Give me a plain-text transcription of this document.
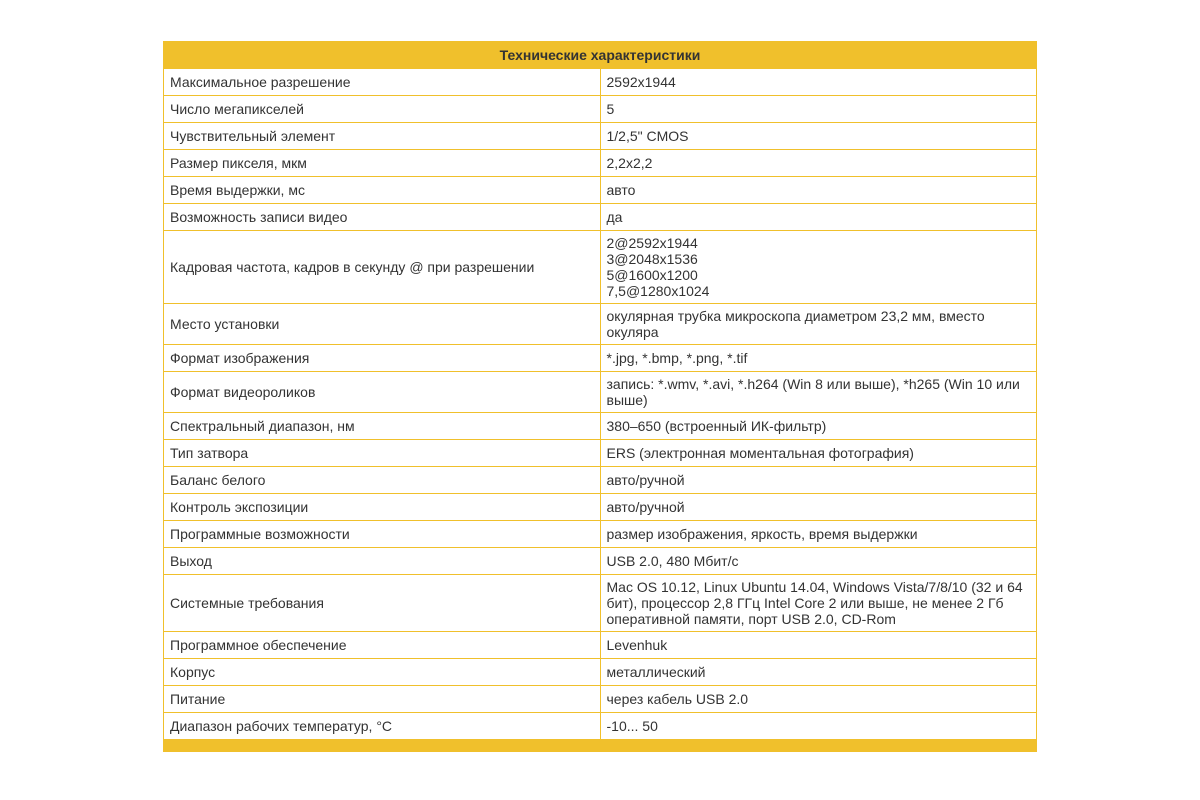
Технические характеристики	
Максимальное разрешение	2592x1944

Число мегапикселей	5

Чувствительный элемент	1/2,5" CMOS

Размер пикселя, мкм	2,2x2,2

Время выдержки, мс	авто

Возможность записи видео	да

Кадровая частота, кадров в секунду @ при разрешении	2@2592x1944
3@2048x1536
5@1600x1200
7,5@1280x1024

Место установки	окулярная трубка микроскопа диаметром 23,2 мм, вместо окуляра

Формат изображения	*.jpg, *.bmp, *.png, *.tif

Формат видеороликов	запись: *.wmv, *.avi, *.h264 (Win 8 или выше), *h265 (Win 10 или выше)

Спектральный диапазон, нм	380–650 (встроенный ИК-фильтр)

Тип затвора	ERS (электронная моментальная фотография)

Баланс белого	авто/ручной

Контроль экспозиции	авто/ручной

Программные возможности	размер изображения, яркость, время выдержки

Выход	USB 2.0, 480 Мбит/с

Системные требования	Mac OS 10.12, Linux Ubuntu 14.04, Windows Vista/7/8/10 (32 и 64 бит), процессор 2,8 ГГц Intel Core 2 или выше, не менее 2 Гб оперативной памяти, порт USB 2.0, CD-Rom

Программное обеспечение	Levenhuk

Корпус	металлический

Питание	через кабель USB 2.0

Диапазон рабочих температур, °C	-10... 50
